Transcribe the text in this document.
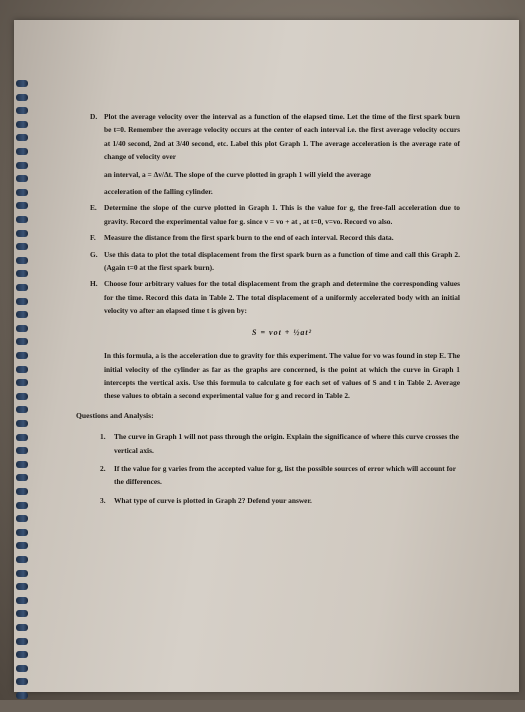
D. Plot the average velocity over the interval as a function of the elapsed time. Let the time of the first spark burn be t=0. Remember the average velocity occurs at the center of each interval i.e. the first average velocity occurs at 1/40 second, 2nd at 3/40 second, etc. Label this plot Graph 1. The average acceleration is the average rate of change of velocity over

an interval, a = Δv/Δt. The slope of the curve plotted in graph 1 will yield the average

acceleration of the falling cylinder.

E. Determine the slope of the curve plotted in Graph 1. This is the value for g, the free-fall acceleration due to gravity. Record the experimental value for g. since v = vo + at , at t=0, v=vo. Record vo also.

F. Measure the distance from the first spark burn to the end of each interval. Record this data.

G. Use this data to plot the total displacement from the first spark burn as a function of time and call this Graph 2. (Again t=0 at the first spark burn).

H. Choose four arbitrary values for the total displacement from the graph and determine the corresponding values for the time. Record this data in Table 2. The total displacement of a uniformly accelerated body with an initial velocity vo after an elapsed time t is given by:

S = vot + ½at²

In this formula, a is the acceleration due to gravity for this experiment. The value for vo was found in step E. The initial velocity of the cylinder as far as the graphs are concerned, is the point at which the curve in Graph 1 intercepts the vertical axis. Use this formula to calculate g for each set of values of S and t in Table 2. Average these values to obtain a second experimental value for g and record in Table 2.

Questions and Analysis:
1. The curve in Graph 1 will not pass through the origin. Explain the significance of where this curve crosses the vertical axis.

2. If the value for g varies from the accepted value for g, list the possible sources of error which will account for the differences.

3. What type of curve is plotted in Graph 2? Defend your answer.
